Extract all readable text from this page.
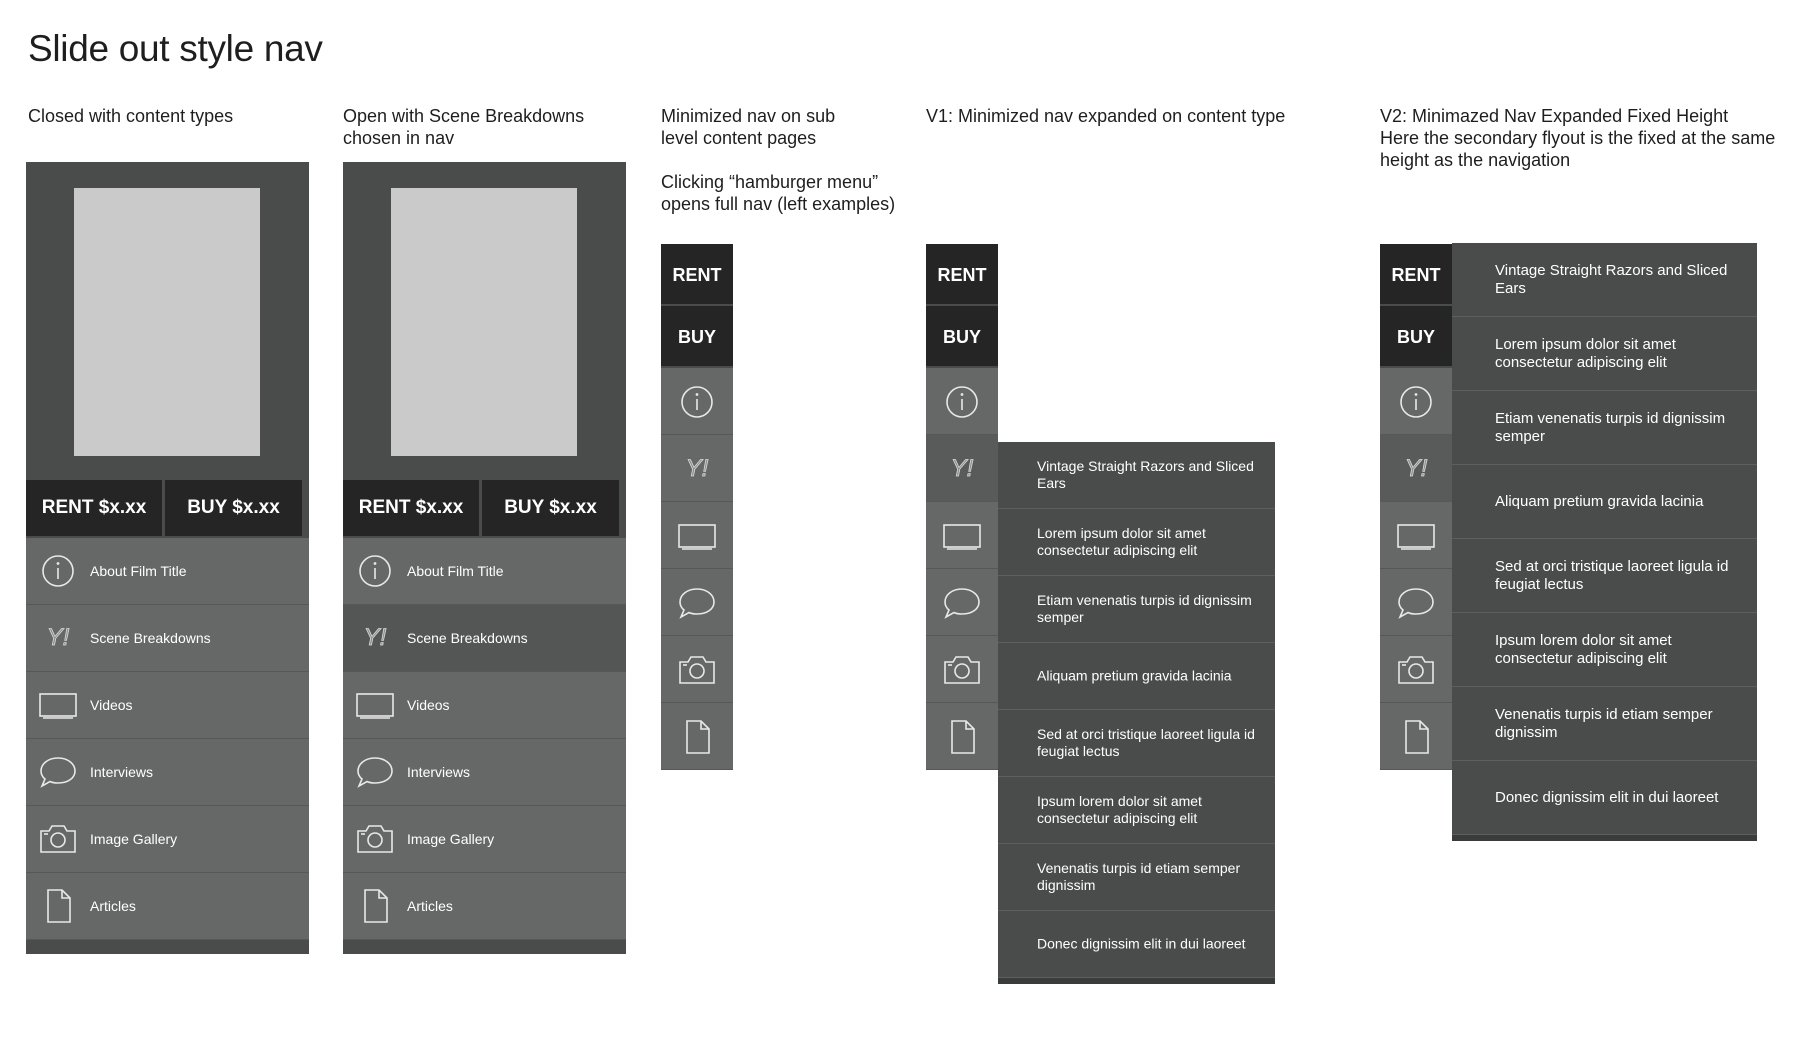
Slide out style nav
Closed with content types	Open with Scene Breakdowns
chosen in nav
Minimized nav on sub
level content pages
Clicking “hamburger menu”
opens full nav (left examples)
V1: Minimized nav expanded on content type	V2: Minimazed Nav Expanded Fixed Height
Here the secondary flyout is the fixed at the same
height as the navigation
RENT $x.xx	BUY $x.xx
About Film Title
Y!	Scene Breakdowns
Videos
Interviews
Image Gallery
Articles
RENT $x.xx	BUY $x.xx
About Film Title
Y!	Scene Breakdowns
Videos
Interviews
Image Gallery
Articles
RENT
BUY
Y!
RENT
BUY
Y!	Vintage Straight Razors and Sliced Ears
Lorem ipsum dolor sit amet consectetur adipiscing elit
Etiam venenatis turpis id dignissim semper
Aliquam pretium gravida lacinia
Sed at orci tristique laoreet ligula id feugiat lectus
Ipsum lorem dolor sit amet consectetur adipiscing elit
Venenatis turpis id etiam semper dignissim
Donec dignissim elit in dui laoreet
RENT
BUY
Y!
Vintage Straight Razors and Sliced Ears
Lorem ipsum dolor sit amet consectetur adipiscing elit
Etiam venenatis turpis id dignissim semper
Aliquam pretium gravida lacinia
Sed at orci tristique laoreet ligula id feugiat lectus
Ipsum lorem dolor sit amet consectetur adipiscing elit
Venenatis turpis id etiam semper dignissim
Donec dignissim elit in dui laoreet
